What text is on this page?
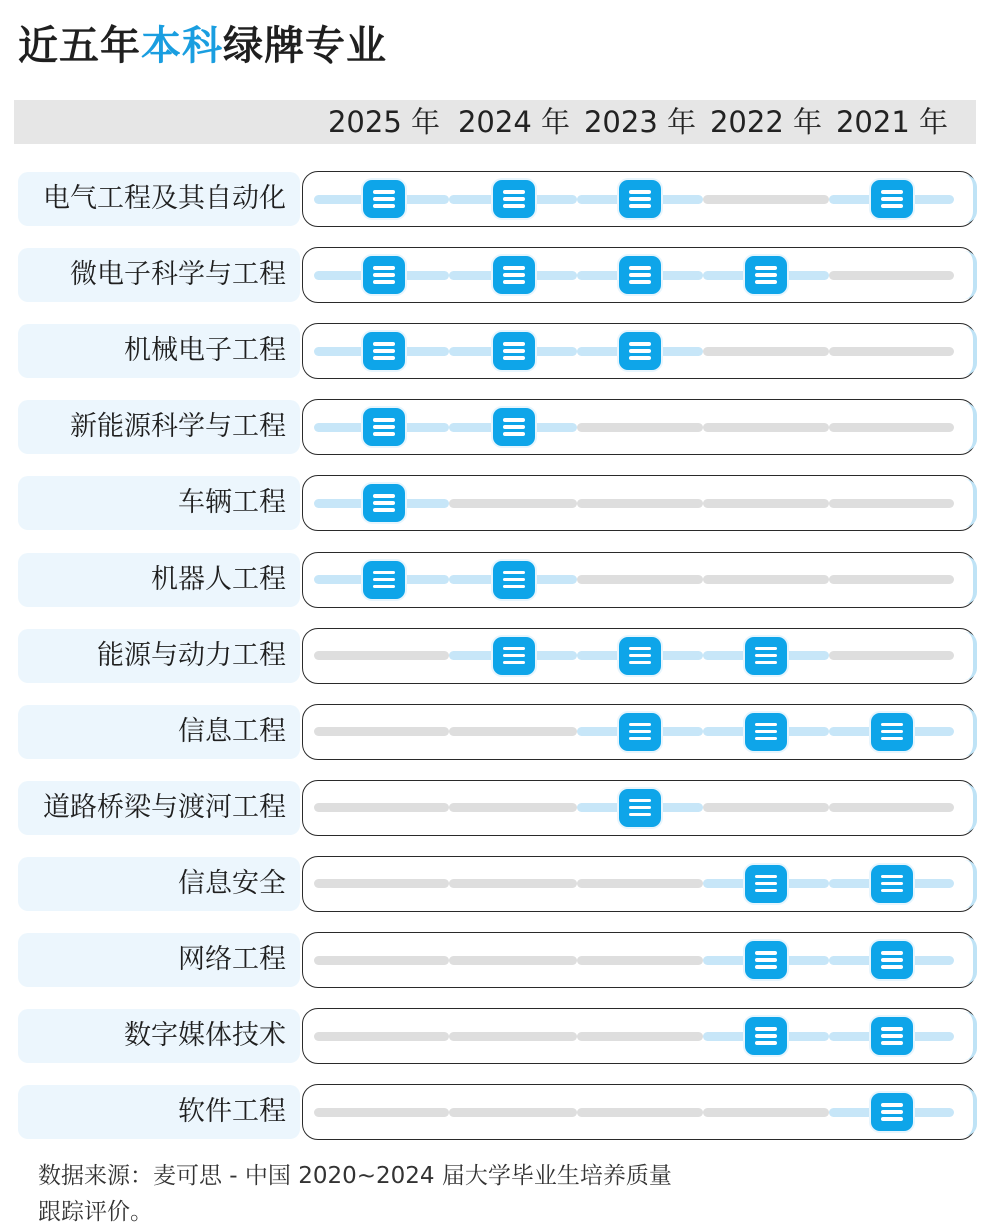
近五年本科绿牌专业
2025 年 2024 年 2023 年 2022 年 2021 年
电气工程及其自动化
微电子科学与工程
机械电子工程
新能源科学与工程
车辆工程
机器人工程
能源与动力工程
信息工程
道路桥梁与渡河工程
信息安全
网络工程
数字媒体技术
软件工程
数据来源：麦可思 - 中国 2020~2024 届大学毕业生培养质量
跟踪评价。
